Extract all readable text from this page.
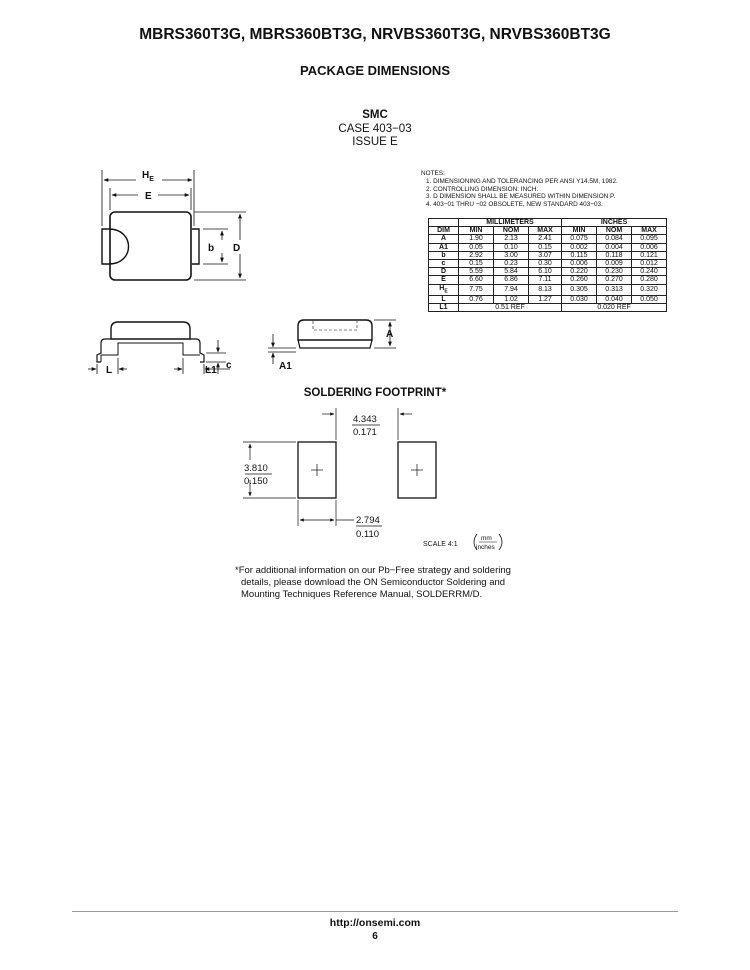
MBRS360T3G, MBRS360BT3G, NRVBS360T3G, NRVBS360BT3G
PACKAGE DIMENSIONS
SMC
CASE 403−03
ISSUE E
$H_E$
E
b D
A
A1
L	L1 c
NOTES:
1. DIMENSIONING AND TOLERANCING PER ANSI Y14.5M, 1982.
2. CONTROLLING DIMENSION: INCH.
3. D DIMENSION SHALL BE MEASURED WITHIN DIMENSION P.
4. 403−01 THRU −02 OBSOLETE, NEW STANDARD 403−03.
	MILLIMETERS			INCHES		
DIM	MIN	NOM	MAX	MIN	NOM	MAX
A	1.90	2.13	2.41	0.075	0.084	0.095
A1	0.05	0.10	0.15	0.002	0.004	0.006
b	2.92	3.00	3.07	0.115	0.118	0.121
c	0.15	0.23	0.30	0.006	0.009	0.012
D	5.59	5.84	6.10	0.220	0.230	0.240
E	6.60	6.86	7.11	0.260	0.270	0.280
$H_E$	7.75	7.94	8.13	0.305	0.313	0.320
L	0.76	1.02	1.27	0.030	0.040	0.050
L1	0.51 REF			0.020 REF		
SOLDERING FOOTPRINT*
4.343
0.171
3.810
0.150
2.794
0.110
SCALE 4:1
mm
inches
*For additional information on our Pb−Free strategy and soldering
details, please download the ON Semiconductor Soldering and
Mounting Techniques Reference Manual, SOLDERRM/D.
http://onsemi.com
6
